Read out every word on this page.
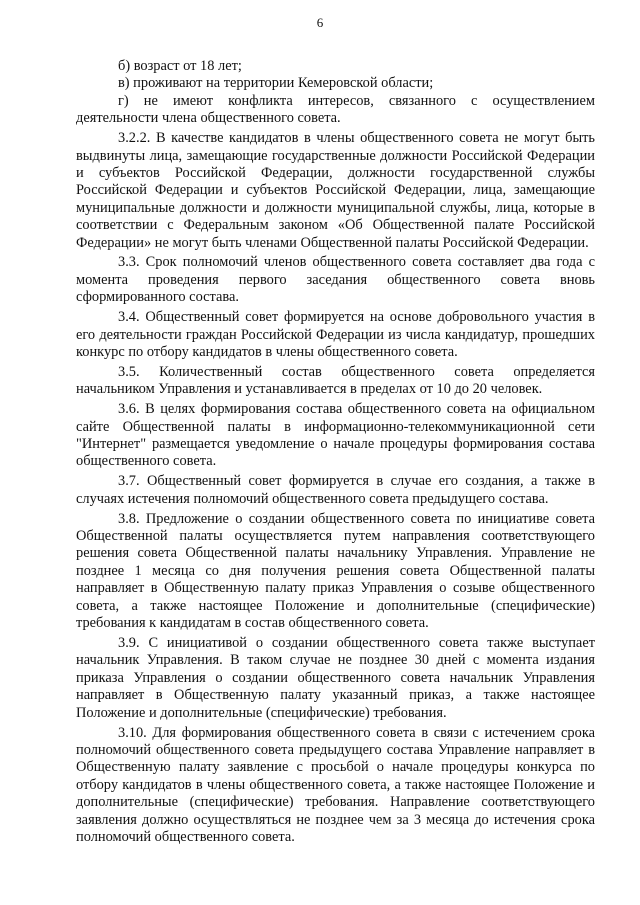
6

б) возраст от 18 лет;

в) проживают на территории Кемеровской области;

г) не имеют конфликта интересов, связанного с осуществлением деятельности члена общественного совета.

3.2.2. В качестве кандидатов в члены общественного совета не могут быть выдвинуты лица, замещающие государственные должности Российской Федерации и субъектов Российской Федерации, должности государственной службы Российской Федерации и субъектов Российской Федерации, лица, замещающие муниципальные должности и должности муниципальной службы, лица, которые в соответствии с Федеральным законом «Об Общественной палате Российской Федерации» не могут быть членами Общественной палаты Российской Федерации.

3.3. Срок полномочий членов общественного совета составляет два года с момента проведения первого заседания общественного совета вновь сформированного состава.

3.4. Общественный совет формируется на основе добровольного участия в его деятельности граждан Российской Федерации из числа кандидатур, прошедших конкурс по отбору кандидатов в члены общественного совета.

3.5. Количественный состав общественного совета определяется начальником Управления и устанавливается в пределах от 10 до 20 человек.

3.6. В целях формирования состава общественного совета на официальном сайте Общественной палаты в информационно-телекоммуникационной сети "Интернет" размещается уведомление о начале процедуры формирования состава общественного совета.

3.7. Общественный совет формируется в случае его создания, а также в случаях истечения полномочий общественного совета предыдущего состава.

3.8. Предложение о создании общественного совета по инициативе совета Общественной палаты осуществляется путем направления соответствующего решения совета Общественной палаты начальнику Управления. Управление не позднее 1 месяца со дня получения решения совета Общественной палаты направляет в Общественную палату приказ Управления о созыве общественного совета, а также настоящее Положение и дополнительные (специфические) требования к кандидатам в состав общественного совета.

3.9. С инициативой о создании общественного совета также выступает начальник Управления. В таком случае не позднее 30 дней с момента издания приказа Управления о создании общественного совета начальник Управления направляет в Общественную палату указанный приказ, а также настоящее Положение и дополнительные (специфические) требования.

3.10. Для формирования общественного совета в связи с истечением срока полномочий общественного совета предыдущего состава Управление направляет в Общественную палату заявление с просьбой о начале процедуры конкурса по отбору кандидатов в члены общественного совета, а также настоящее Положение и дополнительные (специфические) требования. Направление соответствующего заявления должно осуществляться не позднее чем за 3 месяца до истечения срока полномочий общественного совета.
